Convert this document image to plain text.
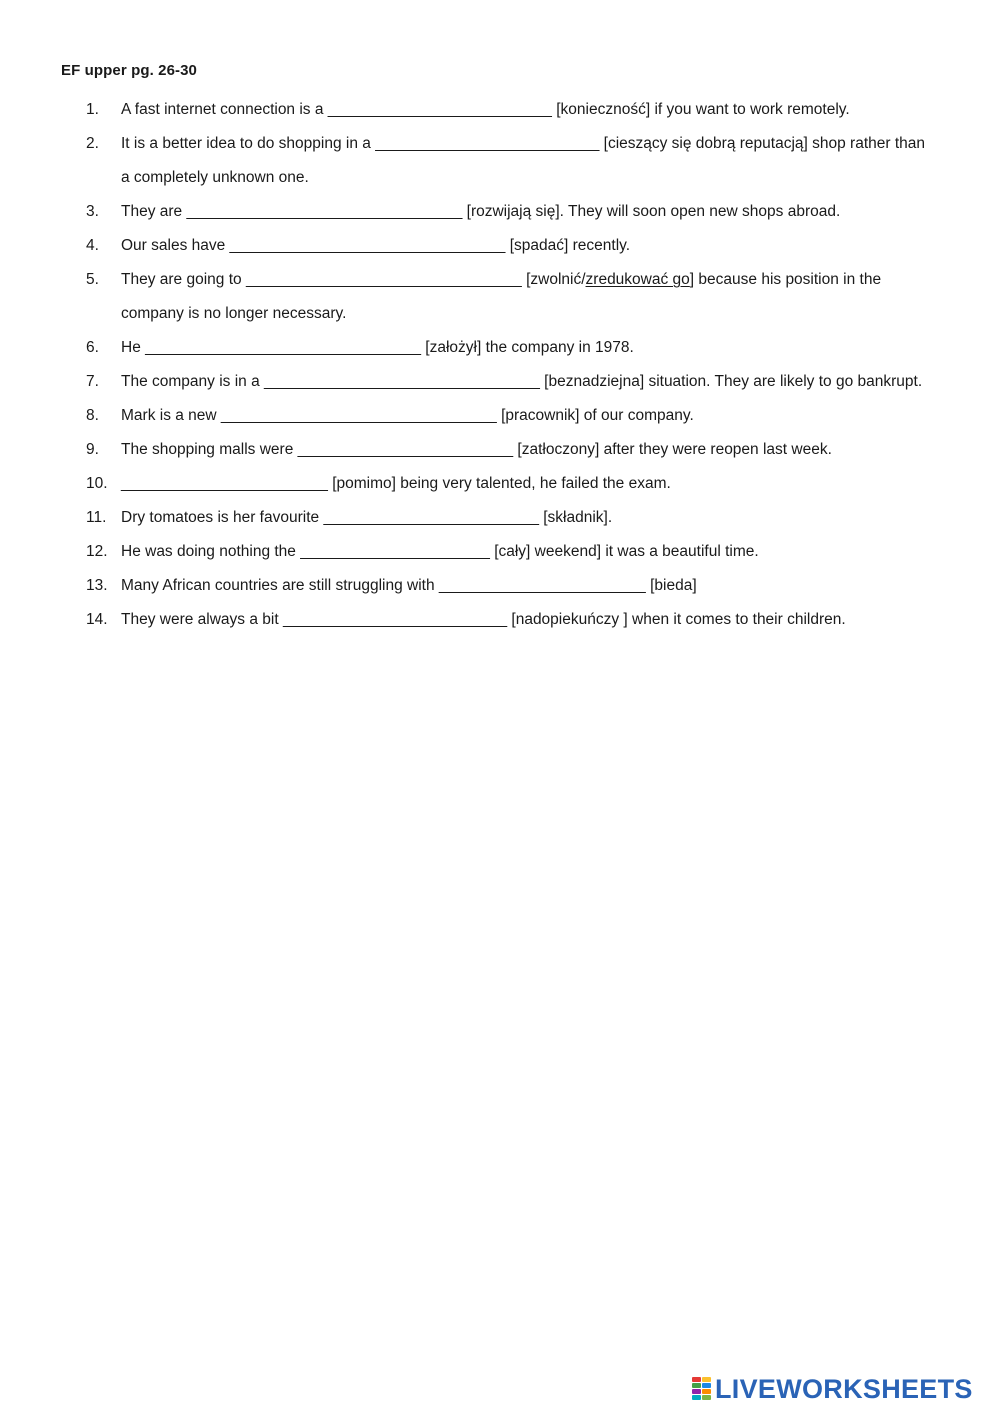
EF upper pg. 26-30
1.	A fast internet connection is a __________________________ [konieczność] if you want to work remotely.
2.	It is a better idea to do shopping in a __________________________ [cieszący się dobrą reputacją] shop rather than a completely unknown one.
3.	They are ________________________________ [rozwijają się]. They will soon open new shops abroad.
4.	Our sales have ________________________________ [spadać] recently.
5.	They are going to ________________________________ [zwolnić/zredukować go] because his position in the company is no longer necessary.
6.	He ________________________________ [założył] the company in 1978.
7.	The company is in a ________________________________ [beznadziejna] situation. They are likely to go bankrupt.
8.	Mark is a new ________________________________ [pracownik] of our company.
9.	The shopping malls were _________________________ [zatłoczony] after they were reopen last week.
10. ________________________ [pomimo] being very talented, he failed the exam.
11. Dry tomatoes is her favourite _________________________ [składnik].
12. He was doing nothing the ______________________ [cały] weekend] it was a beautiful time.
13. Many African countries are still struggling with ________________________ [bieda]
14. They were always a bit __________________________ [nadopiekuńczy ] when it comes to their children.
LIVEWORKSHEETS
